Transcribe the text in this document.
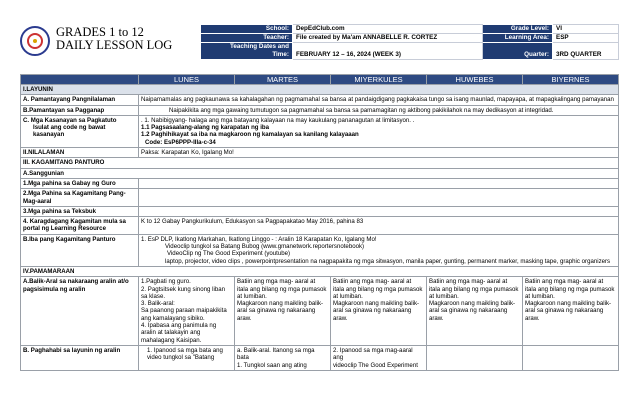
GRADES 1 to 12
DAILY LESSON LOG
School:	DepEdClub.com	Grade Level:	VI
Teacher:	File created by Ma'am ANNABELLE R. CORTEZ	Learning Area:	ESP

Teaching Dates and
Time:	FEBRUARY 12 – 16, 2024 (WEEK 3)	Quarter:	3RD QUARTER
	LUNES	MARTES	MIYERKULES	HUWEBES	BIYERNES
I.LAYUNIN					
A. Pamantayang Pangnilalaman	Naipamamalas ang pagkaunawa sa kahalagahan ng pagmamahal sa bansa at pandaigdigang pagkakaisa tungo sa isang maunlad, mapayapa, at mapagkalingang pamayanan				
B.Pamantayan sa Pagganap	Naipakikita ang mga gawaing tumutugon sa pagmamahal sa bansa sa pamamagitan ng aktibong pakikilahok na may dedikasyon at integridad.				

C. Mga Kasanayan sa Pagkatuto
Isulat ang code ng bawat kasanayan	. 1. Nabibigyang- halaga ang mga batayang kalayaan na may kaukulang pananagutan at limitasyon. .
1.1 Pagsasaalang-alang ng karapatan ng iba
1.2 Paghihikayat sa iba na magkaroon ng kamalayan sa kanilang kalayaaan
Code: EsP6PPP-IIIa-c-34				

II.NILALAMAN	Paksa: Karapatan Ko, Igalang Mo!				
III. KAGAMITANG PANTURO					
A.Sanggunian					
1.Mga pahina sa Gabay ng Guro					
2.Mga Pahina sa Kagamitang Pang-Mag-aaral					
3.Mga pahina sa Teksbuk					
4. Karagdagang Kagamitan mula sa portal ng Learning Resource	K to 12 Gabay Pangkurikulum, Edukasyon sa Pagpapakatao May 2016, pahina 83				
B.Iba pang Kagamitang Panturo	1. EsP DLP, Ikatlong Markahan, Ikatlong Linggo - : Aralin 18 Karapatan Ko, Igalang Mo!
Videoclip tungkol sa Batang Bubog (www.gmanetwork.reportersnotebook)
VideoClip ng The Good Experiment (youtube)
laptop, projector, video clips , powerpointpresentation na nagpapakita ng mga sitwasyon, manila paper, gunting, permanent marker, masking tape, graphic organizers				

IV.PAMAMARAAN					
A.Balik-Aral sa nakaraang aralin at/o pagsisimula ng aralin	1.Pagbati ng guro.
2. Pagtsitsek kung sinong liban sa klase.
3. Balik-aral:
Sa paanong paraan maipakikita ang kamalayang sibiko.
4. Ipabasa ang panimula ng aralin at talakayin ang mahalagang Kaisipan.	Batiin ang mga mag- aaral at itala ang bilang ng mga pumasok at lumiban.
Magkaroon nang maikling balik-aral sa ginawa ng nakaraang araw.	Batiin ang mga mag- aaral at itala ang bilang ng mga pumasok at lumiban.
Magkaroon nang maikling balik-aral sa ginawa ng nakaraang araw.	Batiin ang mga mag- aaral at itala ang bilang ng mga pumasok at lumiban.
Magkaroon nang maikling balik-aral sa ginawa ng nakaraang araw.	Batiin ang mga mag- aaral at itala ang bilang ng mga pumasok at lumiban.
Magkaroon nang maikling balik-aral sa ginawa ng nakaraang araw.

B. Paghahabi sa layunin ng aralin	1. Ipanood sa mga bata ang
video tungkol sa "Batang	a. Balik-aral. Itanong sa mga bata
1. Tungkol saan ang ating	2. Ipanood sa mga mag-aaral ang
videoclip The Good Experiment		
